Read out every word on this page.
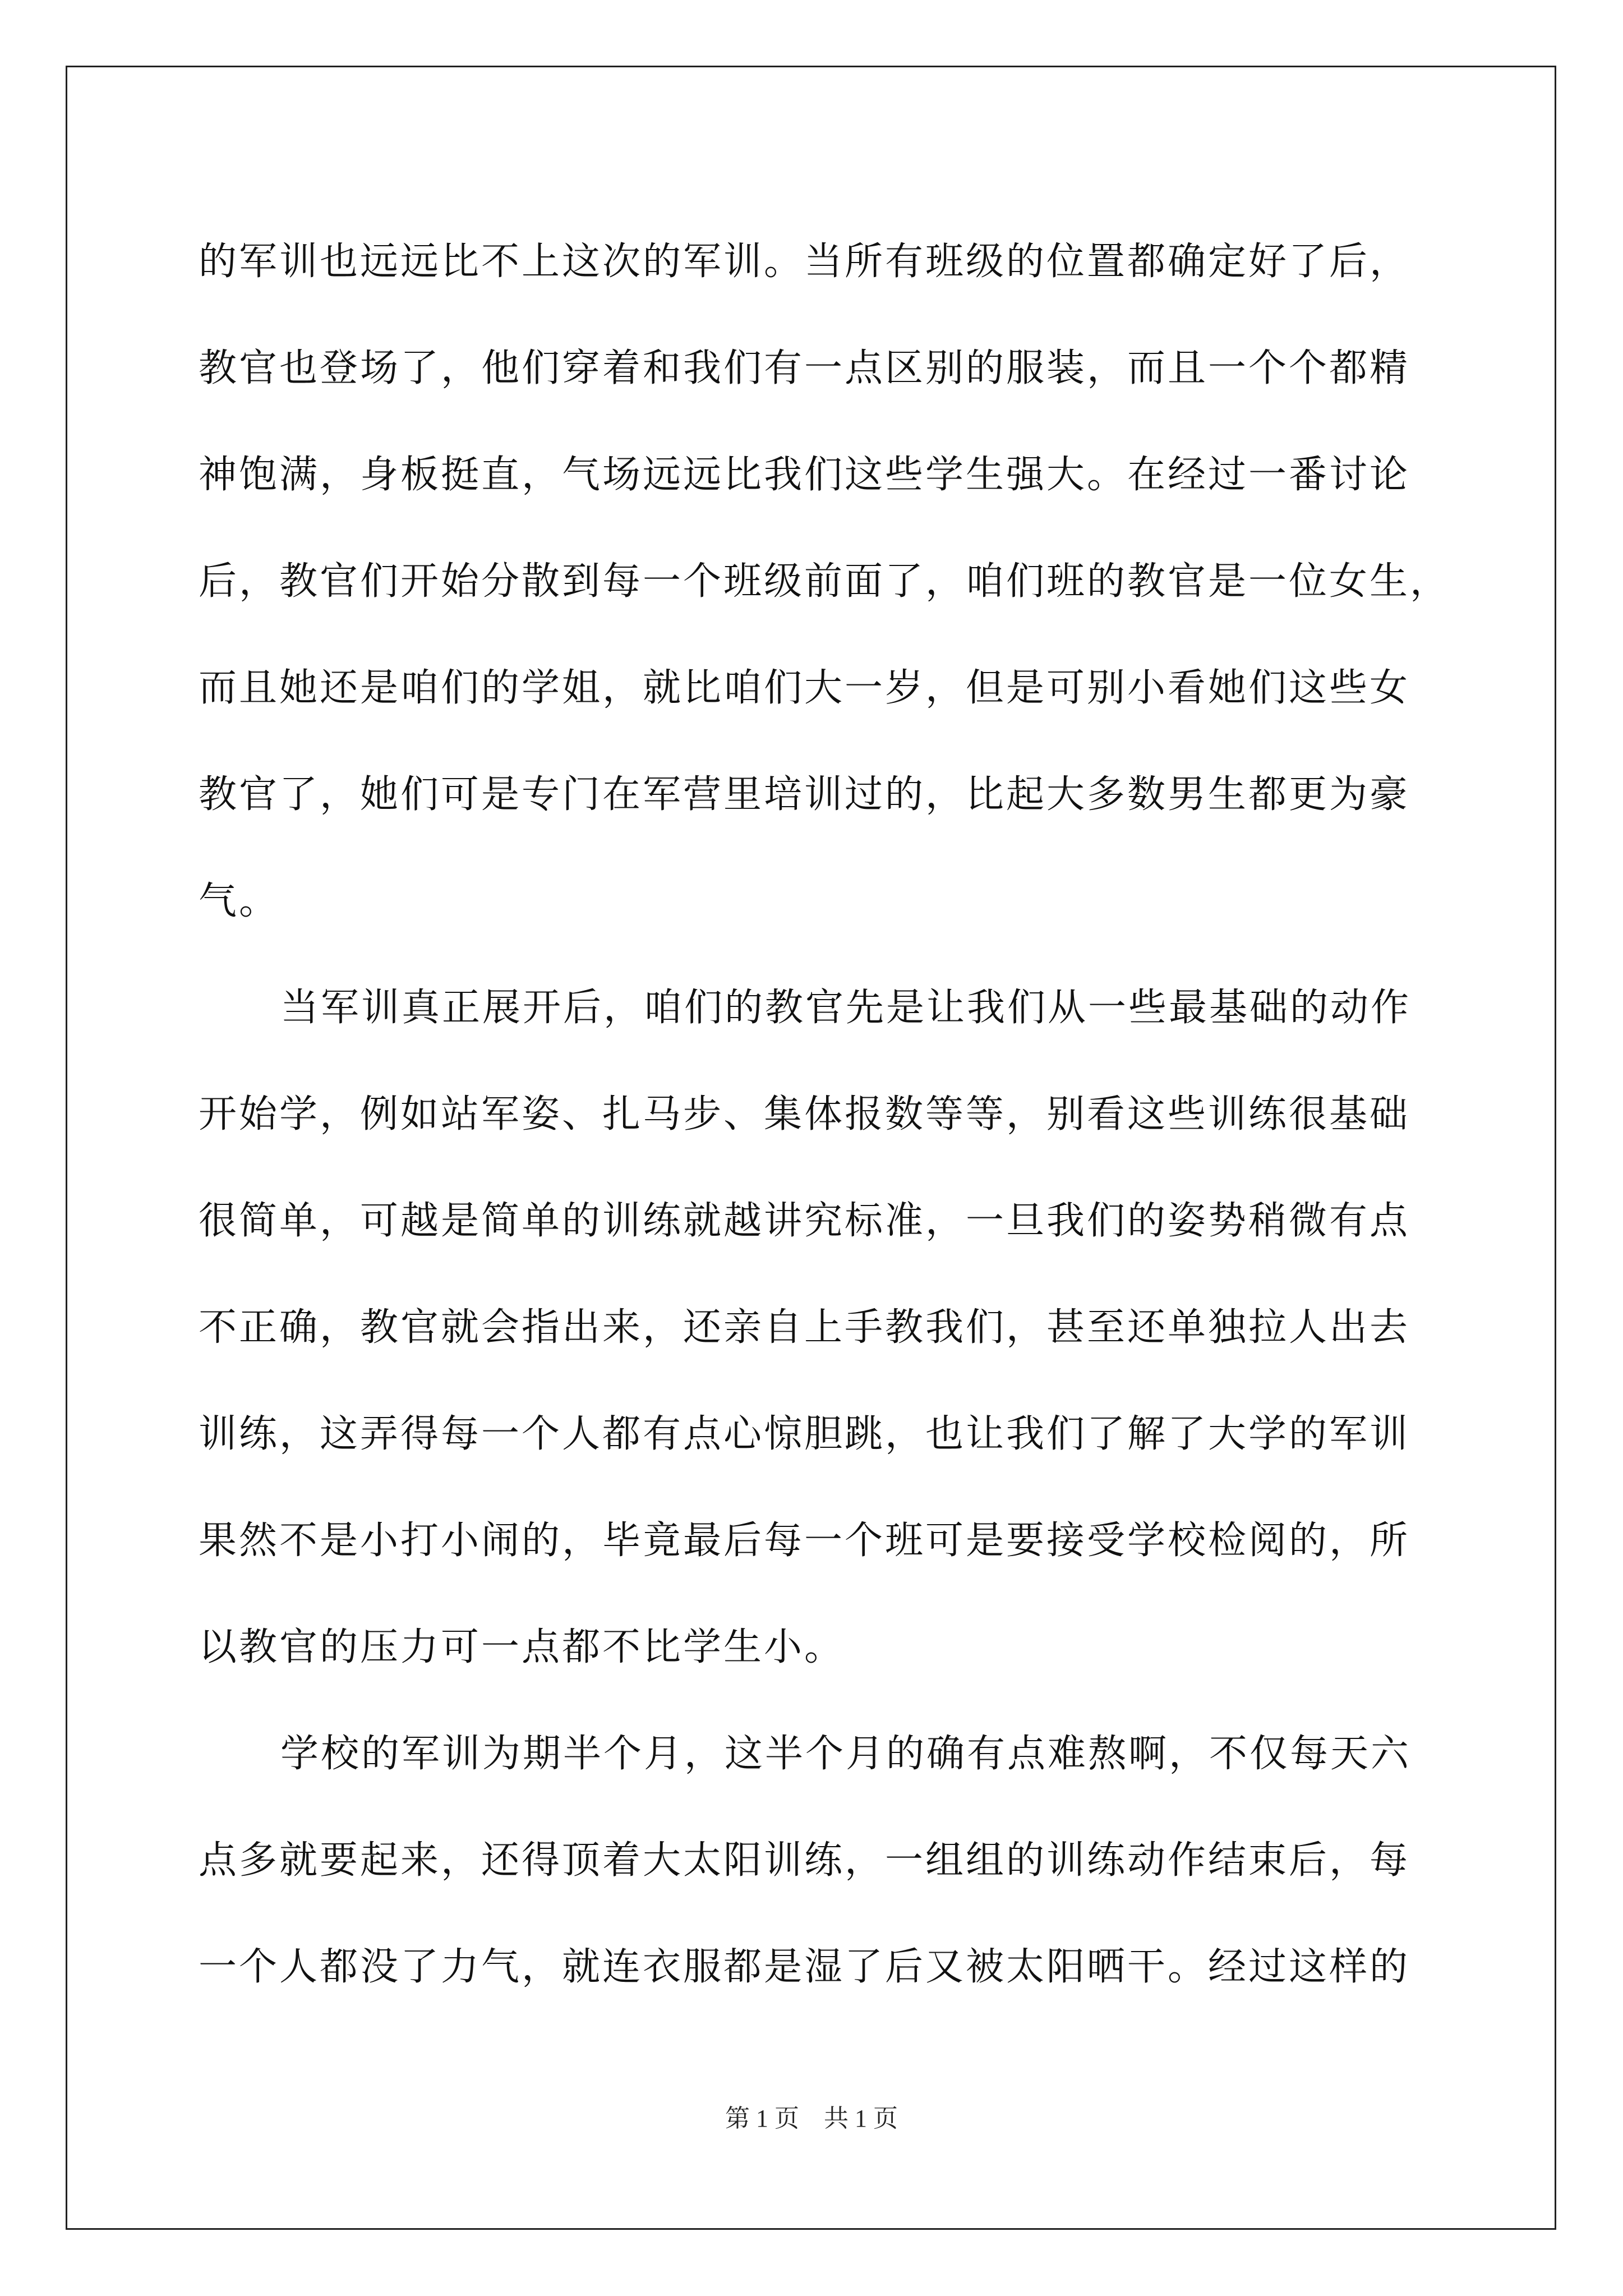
的军训也远远比不上这次的军训。当所有班级的位置都确定好了后，
教官也登场了，他们穿着和我们有一点区别的服装，而且一个个都精
神饱满，身板挺直，气场远远比我们这些学生强大。在经过一番讨论
后，教官们开始分散到每一个班级前面了，咱们班的教官是一位女生，
而且她还是咱们的学姐，就比咱们大一岁，但是可别小看她们这些女
教官了，她们可是专门在军营里培训过的，比起大多数男生都更为豪
气。
当军训真正展开后，咱们的教官先是让我们从一些最基础的动作
开始学，例如站军姿、扎马步、集体报数等等，别看这些训练很基础
很简单，可越是简单的训练就越讲究标准，一旦我们的姿势稍微有点
不正确，教官就会指出来，还亲自上手教我们，甚至还单独拉人出去
训练，这弄得每一个人都有点心惊胆跳，也让我们了解了大学的军训
果然不是小打小闹的，毕竟最后每一个班可是要接受学校检阅的，所
以教官的压力可一点都不比学生小。
学校的军训为期半个月，这半个月的确有点难熬啊，不仅每天六
点多就要起来，还得顶着大太阳训练，一组组的训练动作结束后，每
一个人都没了力气，就连衣服都是湿了后又被太阳晒干。经过这样的
第 1 页　共 1 页
